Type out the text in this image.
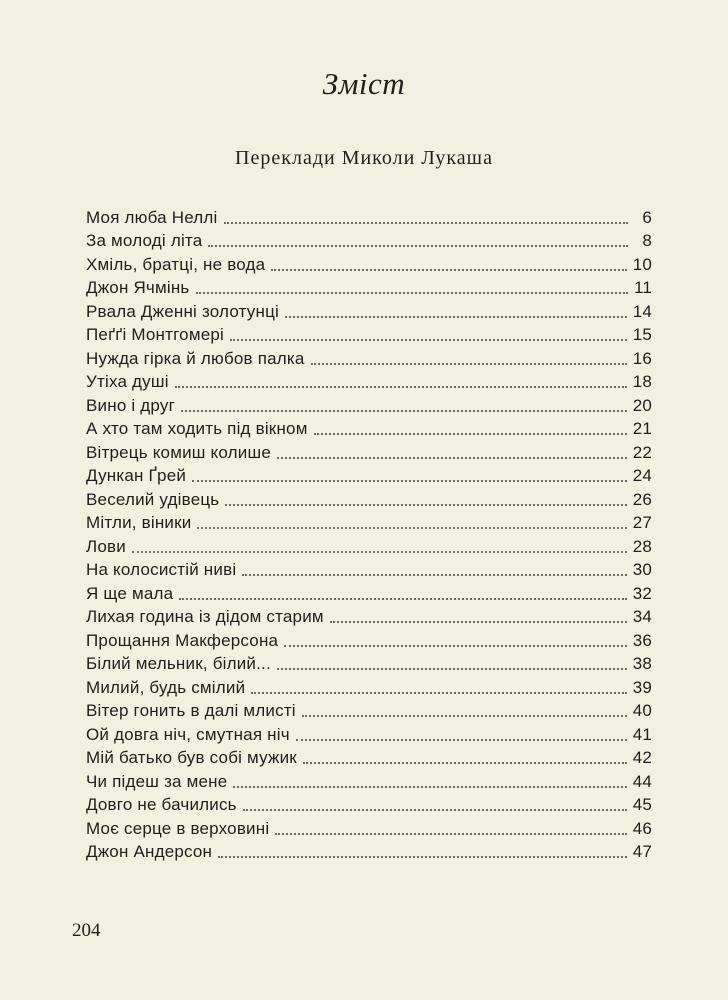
Зміст
Переклади Миколи Лукаша
Моя люба Неллі	6
За молоді літа	8
Хміль, братці, не вода	10
Джон Ячмінь	11
Рвала Дженні золотунці	14
Пеґґі Монтгомері	15
Нужда гірка й любов палка	16
Утіха душі	18
Вино і друг	20
А хто там ходить під вікном	21
Вітрець комиш колише	22
Дункан Ґрей	24
Веселий удівець	26
Мітли, віники	27
Лови	28
На колосистій ниві	30
Я ще мала	32
Лихая година із дідом старим	34
Прощання Макферсона	36
Білий мельник, білий...	38
Милий, будь смілий	39
Вітер гонить в далі млисті	40
Ой довга ніч, смутная ніч	41
Мій батько був собі мужик	42
Чи підеш за мене	44
Довго не бачились	45
Моє серце в верховині	46
Джон Андерсон	47
204
